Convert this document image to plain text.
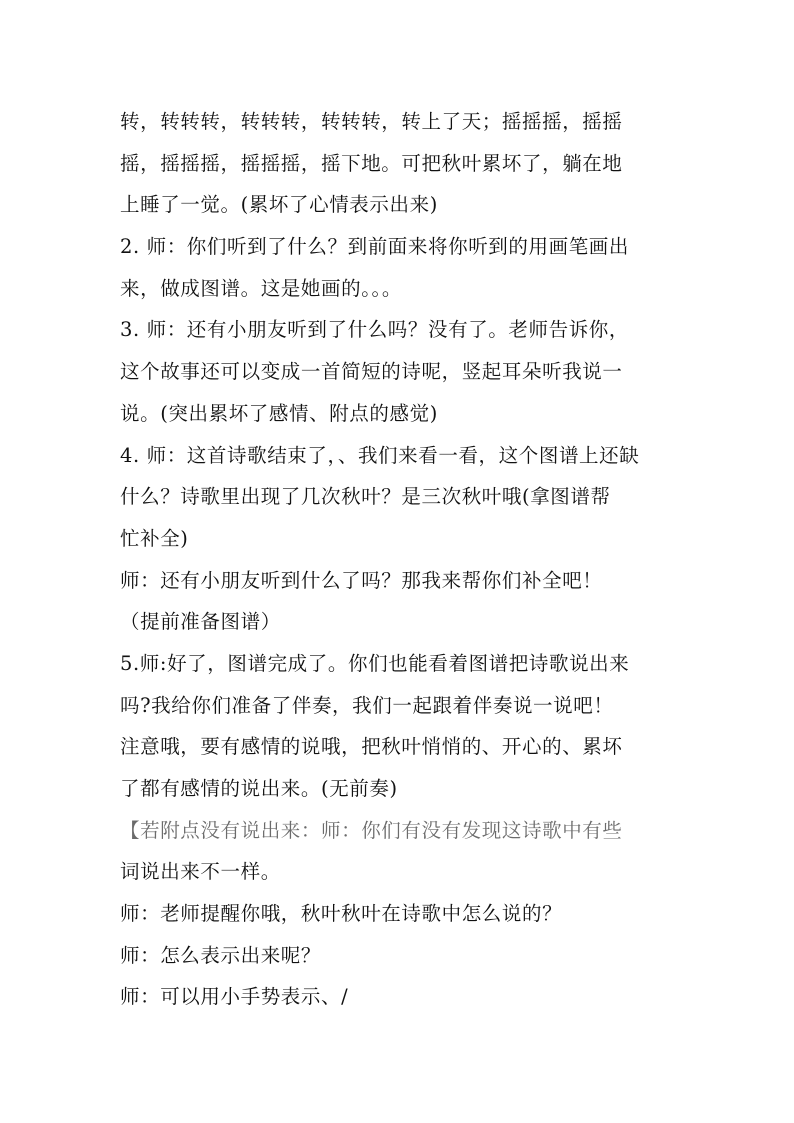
转，转转转，转转转，转转转，转上了天；摇摇摇，摇摇
摇，摇摇摇，摇摇摇，摇下地。可把秋叶累坏了，躺在地
上睡了一觉。(累坏了心情表示出来)
2. 师：你们听到了什么？到前面来将你听到的用画笔画出
来，做成图谱。这是她画的。。。
3. 师：还有小朋友听到了什么吗？没有了。老师告诉你，
这个故事还可以变成一首简短的诗呢，竖起耳朵听我说一
说。(突出累坏了感情、附点的感觉)
4. 师：这首诗歌结束了，、我们来看一看，这个图谱上还缺
什么？诗歌里出现了几次秋叶？是三次秋叶哦(拿图谱帮
忙补全)
师：还有小朋友听到什么了吗？那我来帮你们补全吧！
（提前准备图谱）
5.师:好了，图谱完成了。你们也能看着图谱把诗歌说出来
吗?我给你们准备了伴奏，我们一起跟着伴奏说一说吧！
注意哦，要有感情的说哦，把秋叶悄悄的、开心的、累坏
了都有感情的说出来。(无前奏)
【若附点没有说出来：师：你们有没有发现这诗歌中有些
词说出来不一样。
师：老师提醒你哦，秋叶秋叶在诗歌中怎么说的？
师：怎么表示出来呢？
师：可以用小手势表示、/
